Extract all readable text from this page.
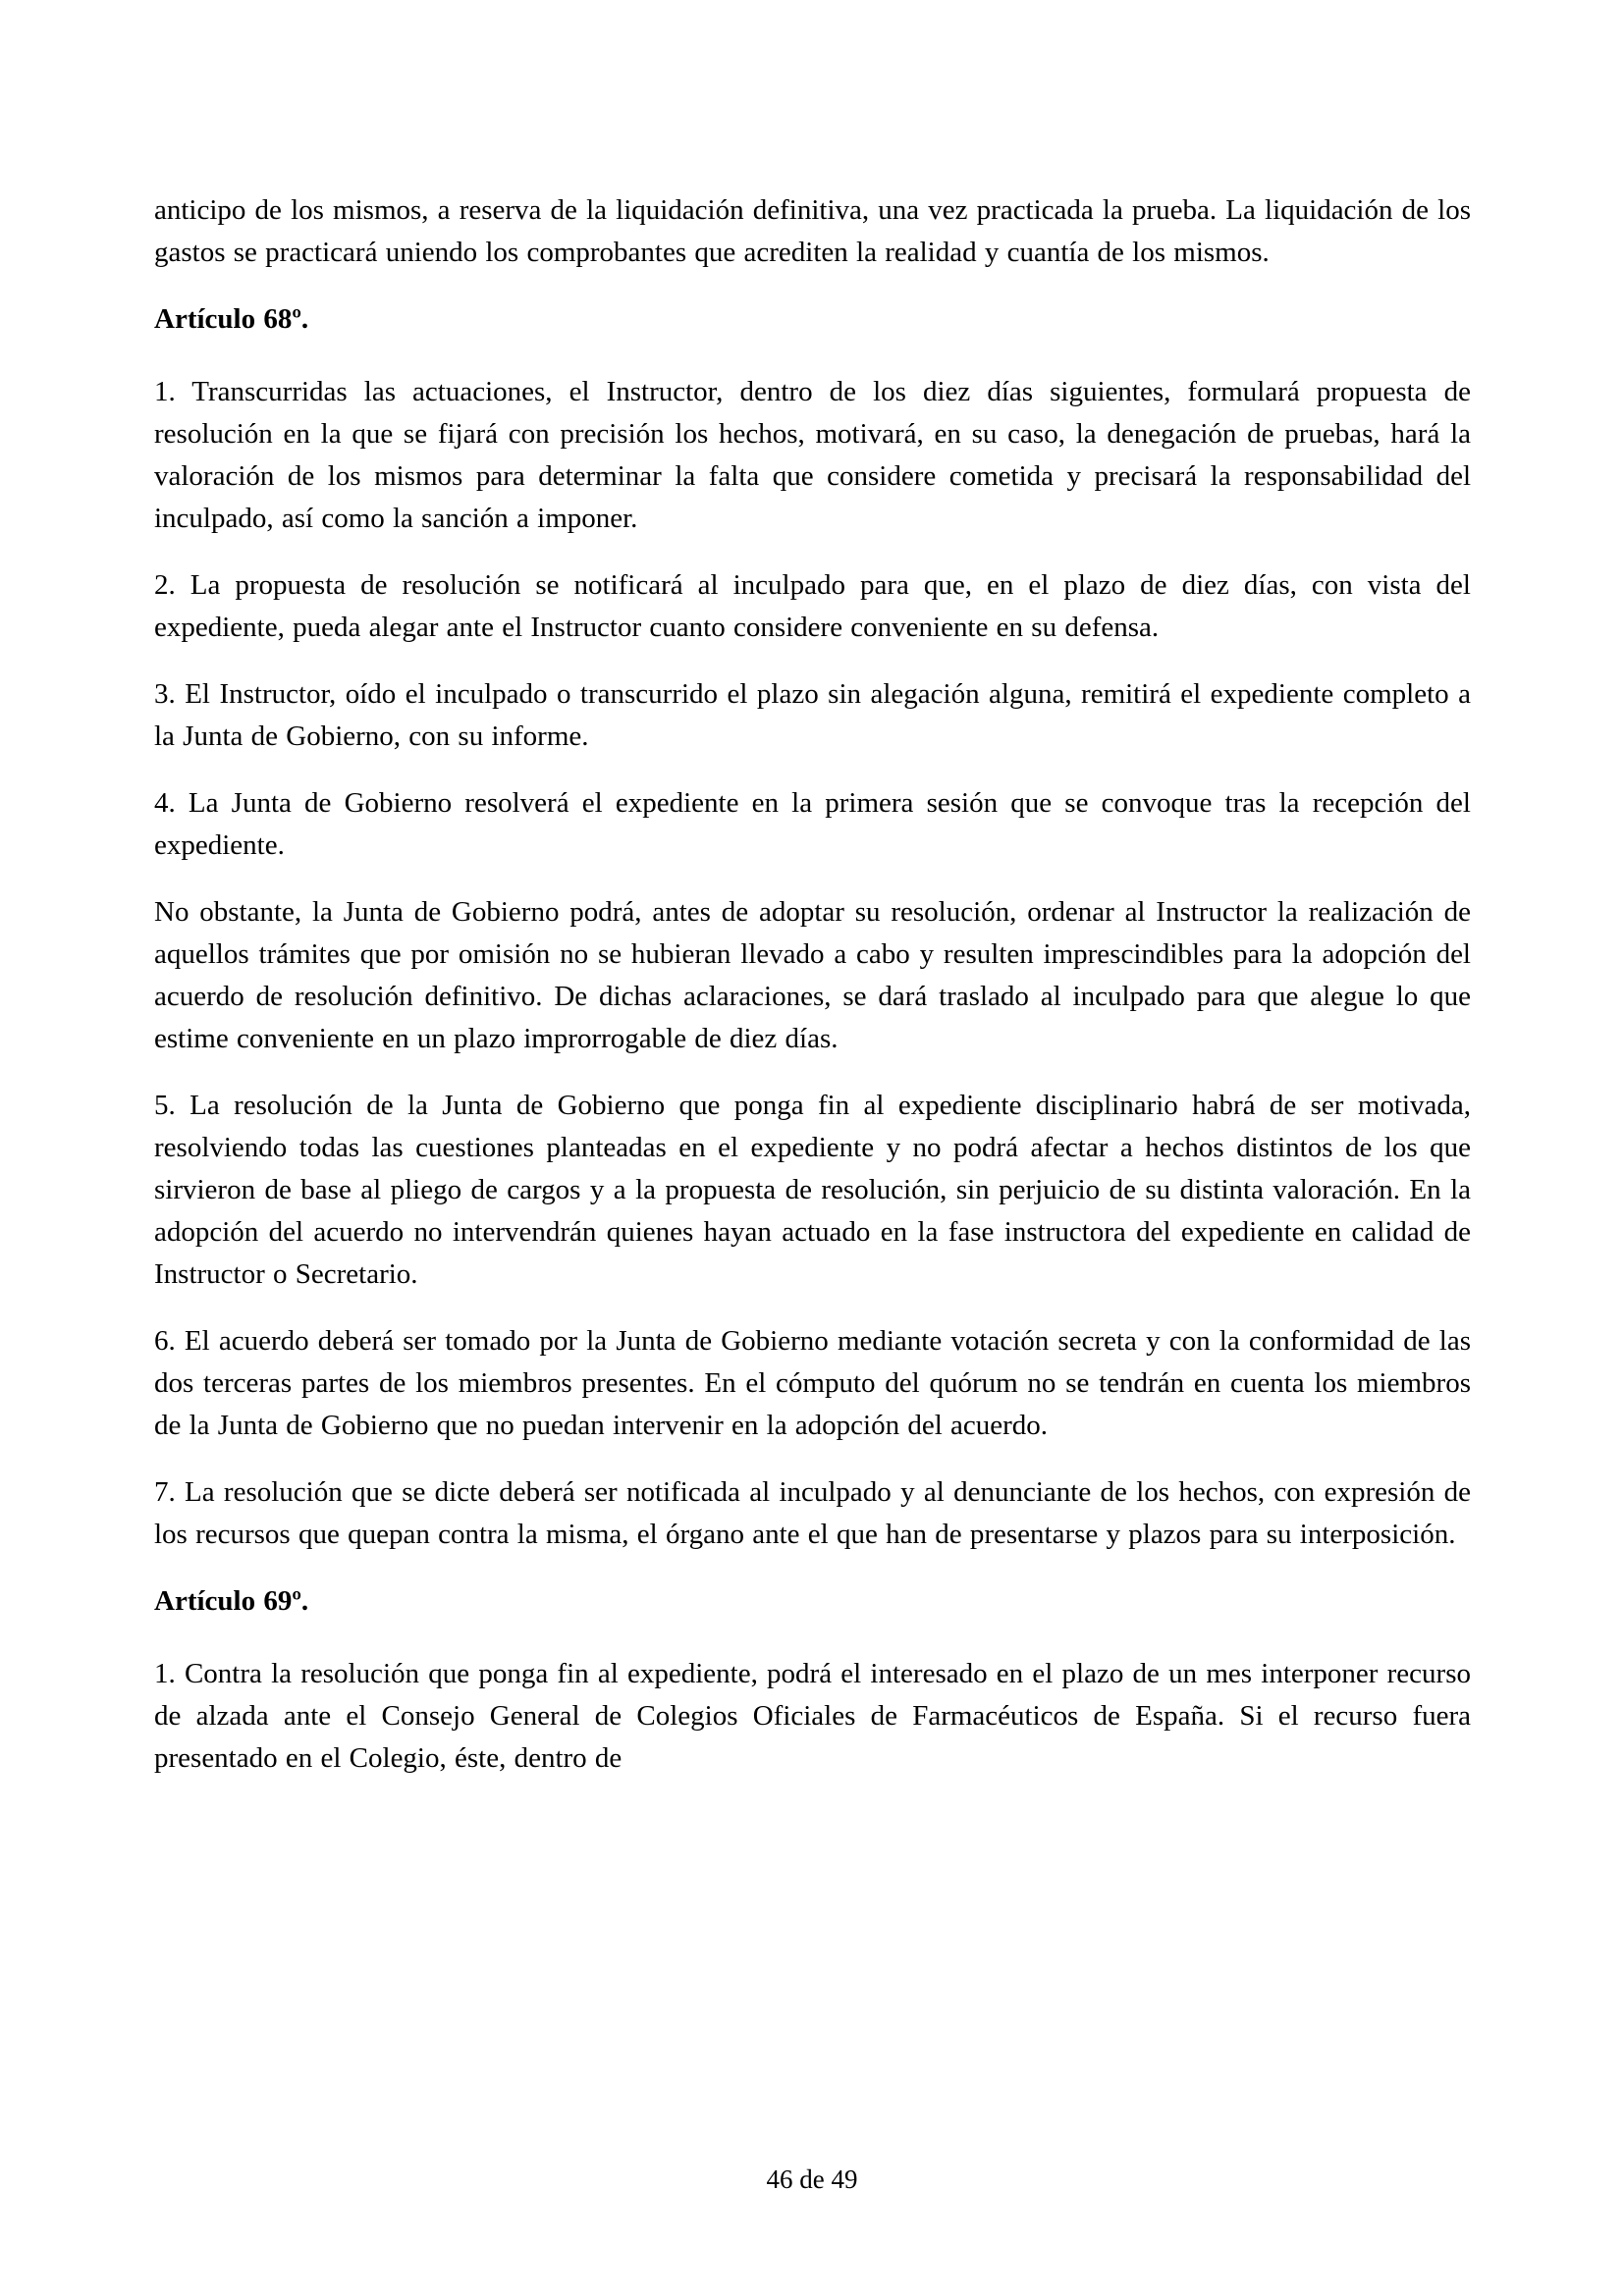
anticipo de los mismos, a reserva de la liquidación definitiva, una vez practicada la prueba. La liquidación de los gastos se practicará uniendo los comprobantes que acrediten la realidad y cuantía de los mismos.

Artículo 68º.

1. Transcurridas las actuaciones, el Instructor, dentro de los diez días siguientes, formulará propuesta de resolución en la que se fijará con precisión los hechos, motivará, en su caso, la denegación de pruebas, hará la valoración de los mismos para determinar la falta que considere cometida y precisará la responsabilidad del inculpado, así como la sanción a imponer.

2. La propuesta de resolución se notificará al inculpado para que, en el plazo de diez días, con vista del expediente, pueda alegar ante el Instructor cuanto considere conveniente en su defensa.

3. El Instructor, oído el inculpado o transcurrido el plazo sin alegación alguna, remitirá el expediente completo a la Junta de Gobierno, con su informe.

4. La Junta de Gobierno resolverá el expediente en la primera sesión que se convoque tras la recepción del expediente.

No obstante, la Junta de Gobierno podrá, antes de adoptar su resolución, ordenar al Instructor la realización de aquellos trámites que por omisión no se hubieran llevado a cabo y resulten imprescindibles para la adopción del acuerdo de resolución definitivo. De dichas aclaraciones, se dará traslado al inculpado para que alegue lo que estime conveniente en un plazo improrrogable de diez días.

5. La resolución de la Junta de Gobierno que ponga fin al expediente disciplinario habrá de ser motivada, resolviendo todas las cuestiones planteadas en el expediente y no podrá afectar a hechos distintos de los que sirvieron de base al pliego de cargos y a la propuesta de resolución, sin perjuicio de su distinta valoración. En la adopción del acuerdo no intervendrán quienes hayan actuado en la fase instructora del expediente en calidad de Instructor o Secretario.

6. El acuerdo deberá ser tomado por la Junta de Gobierno mediante votación secreta y con la conformidad de las dos terceras partes de los miembros presentes. En el cómputo del quórum no se tendrán en cuenta los miembros de la Junta de Gobierno que no puedan intervenir en la adopción del acuerdo.

7. La resolución que se dicte deberá ser notificada al inculpado y al denunciante de los hechos, con expresión de los recursos que quepan contra la misma, el órgano ante el que han de presentarse y plazos para su interposición.

Artículo 69º.

1. Contra la resolución que ponga fin al expediente, podrá el interesado en el plazo de un mes interponer recurso de alzada ante el Consejo General de Colegios Oficiales de Farmacéuticos de España. Si el recurso fuera presentado en el Colegio, éste, dentro de

46 de 49
